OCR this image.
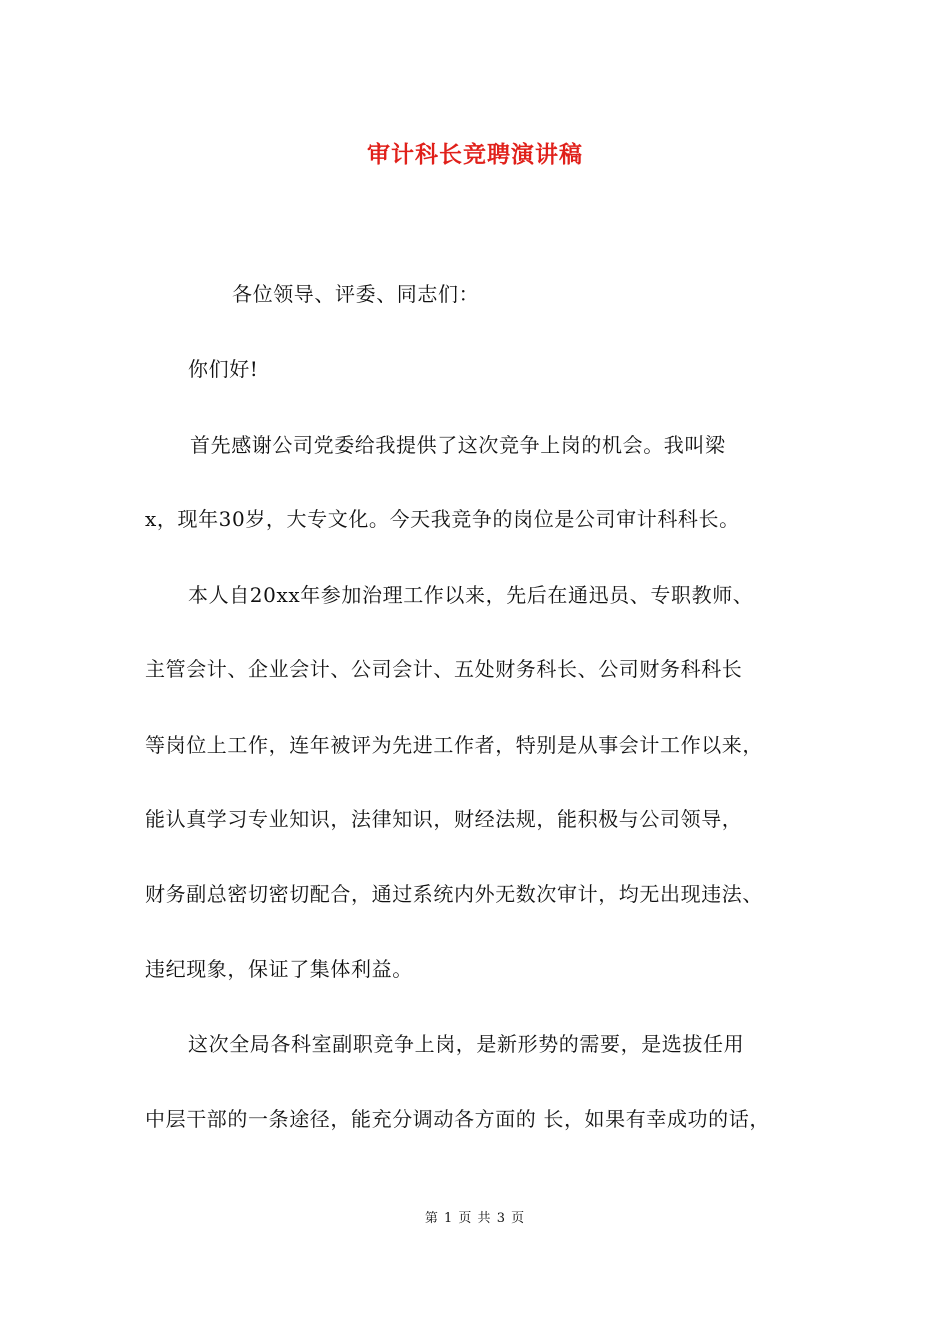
审计科长竞聘演讲稿
各位领导、评委、同志们：
你们好!
首先感谢公司党委给我提供了这次竞争上岗的机会。我叫梁
x，现年30岁，大专文化。今天我竞争的岗位是公司审计科科长。
本人自20xx年参加治理工作以来，先后在通迅员、专职教师、
主管会计、企业会计、公司会计、五处财务科长、公司财务科科长
等岗位上工作，连年被评为先进工作者，特别是从事会计工作以来，
能认真学习专业知识，法律知识，财经法规，能积极与公司领导，
财务副总密切密切配合，通过系统内外无数次审计，均无出现违法、
违纪现象，保证了集体利益。
这次全局各科室副职竞争上岗，是新形势的需要，是选拔任用
中层干部的一条途径，能充分调动各方面的 长，如果有幸成功的话，
第 1 页 共 3 页
